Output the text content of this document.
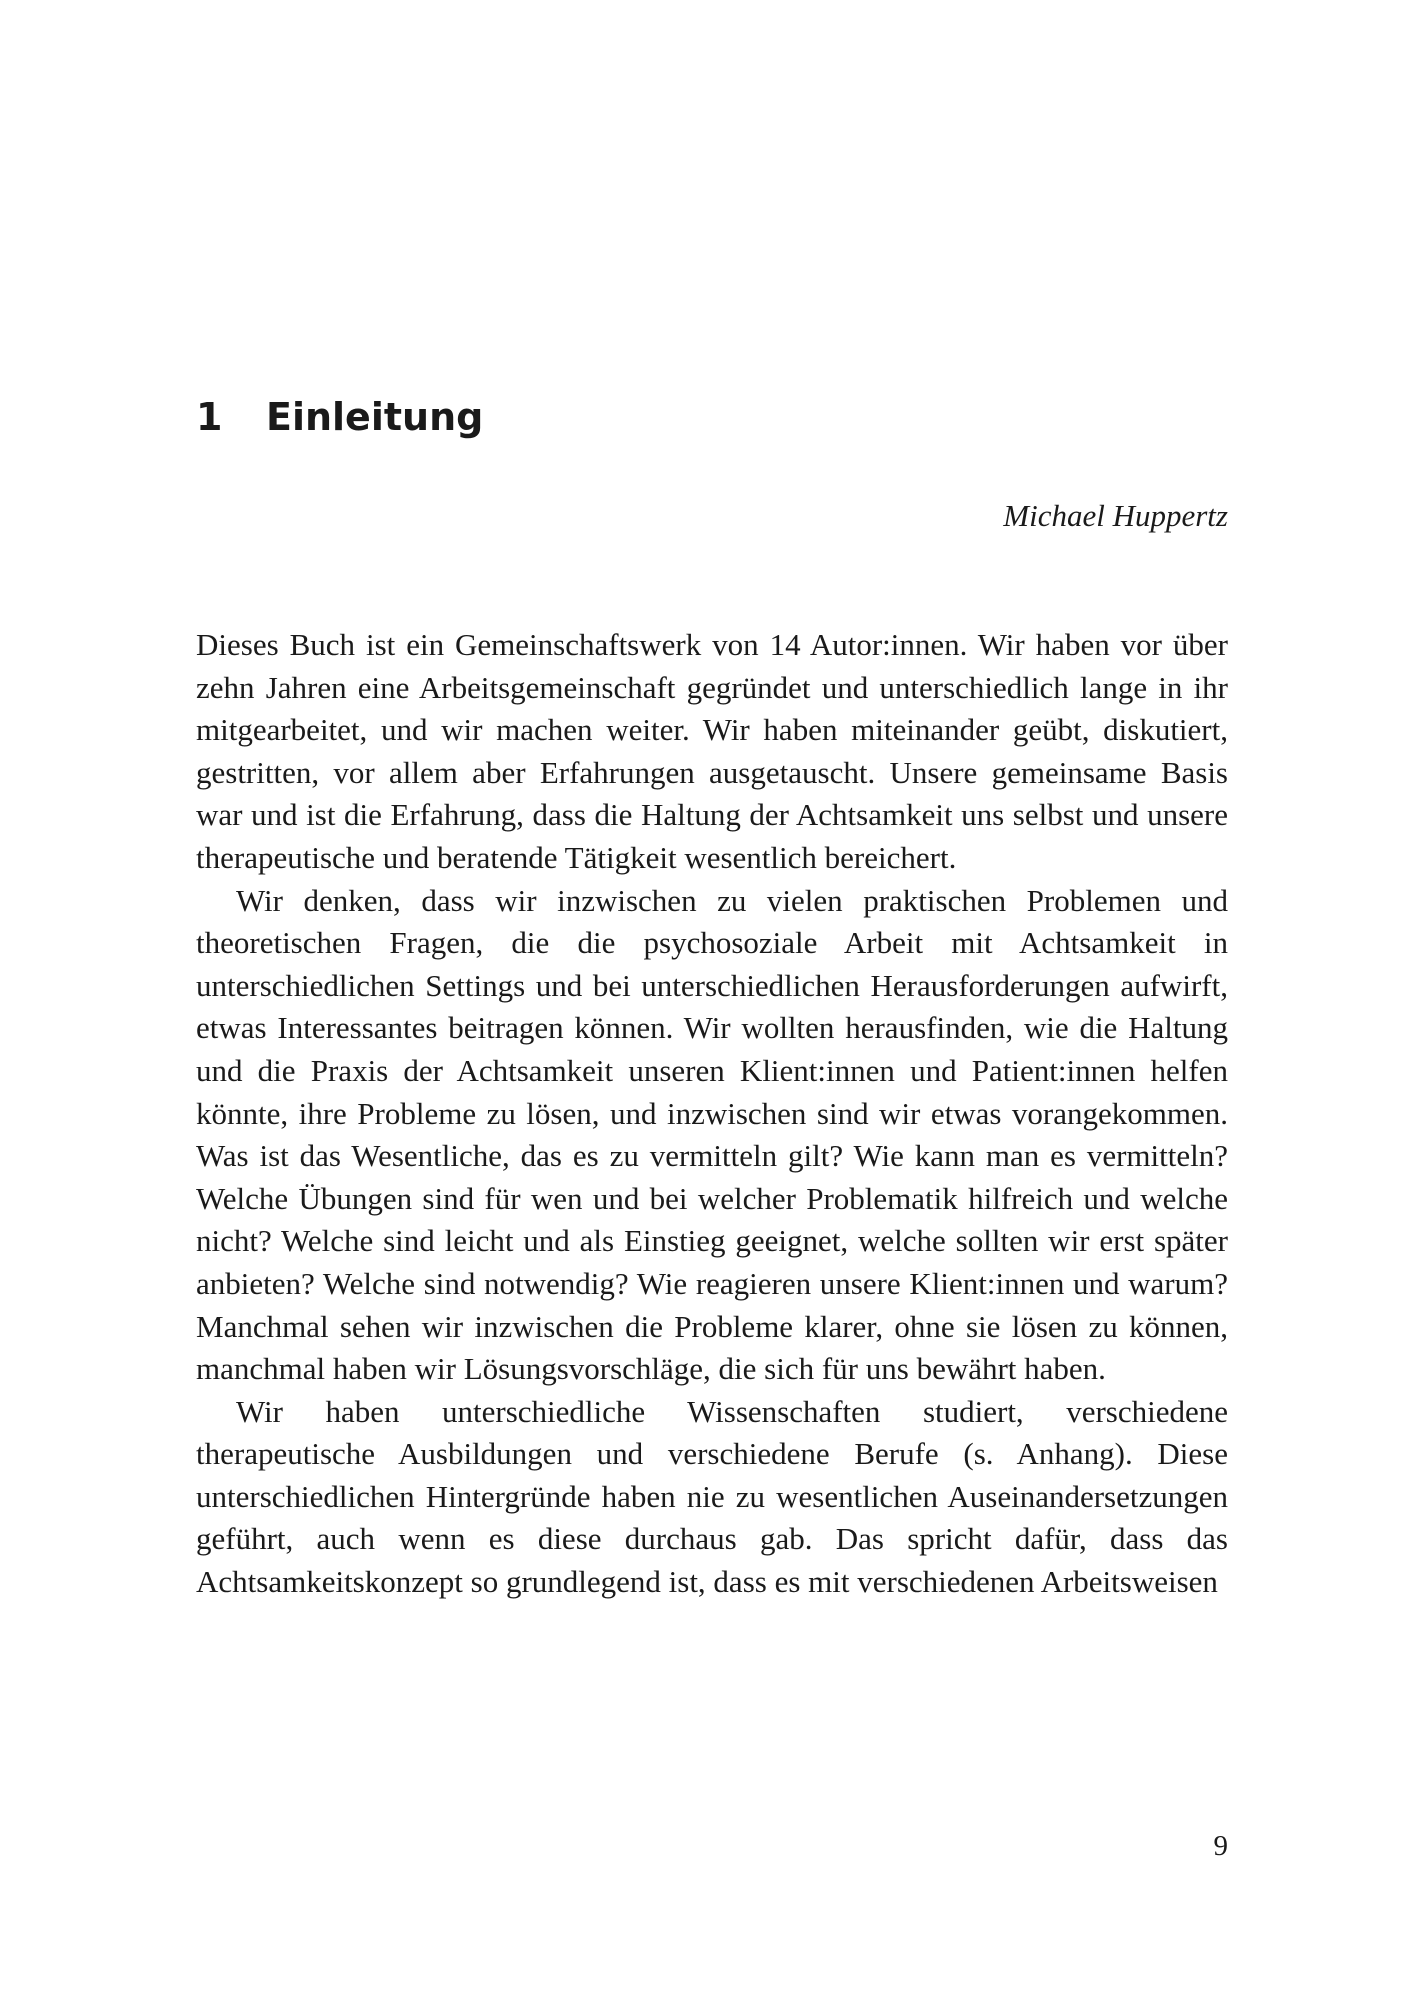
1 Einleitung

Michael Huppertz

Dieses Buch ist ein Gemeinschaftswerk von 14 Autor:innen. Wir haben vor über zehn Jahren eine Arbeitsgemeinschaft gegründet und unterschiedlich lange in ihr mitgearbeitet, und wir machen weiter. Wir haben miteinander geübt, diskutiert, gestritten, vor allem aber Erfahrungen ausgetauscht. Unsere gemeinsame Basis war und ist die Erfahrung, dass die Haltung der Achtsamkeit uns selbst und unsere therapeutische und beratende Tätigkeit wesentlich bereichert.

Wir denken, dass wir inzwischen zu vielen praktischen Problemen und theoretischen Fragen, die die psychosoziale Arbeit mit Achtsamkeit in unterschiedlichen Settings und bei unterschiedlichen Herausforderungen aufwirft, etwas Interessantes beitragen können. Wir wollten herausfinden, wie die Haltung und die Praxis der Achtsamkeit unseren Klient:innen und Patient:innen helfen könnte, ihre Probleme zu lösen, und inzwischen sind wir etwas vorangekommen. Was ist das Wesentliche, das es zu vermitteln gilt? Wie kann man es vermitteln? Welche Übungen sind für wen und bei welcher Problematik hilfreich und welche nicht? Welche sind leicht und als Einstieg geeignet, welche sollten wir erst später anbieten? Welche sind notwendig? Wie reagieren unsere Klient:innen und warum? Manchmal sehen wir inzwischen die Probleme klarer, ohne sie lösen zu können, manchmal haben wir Lösungsvorschläge, die sich für uns bewährt haben.

Wir haben unterschiedliche Wissenschaften studiert, verschiedene therapeutische Ausbildungen und verschiedene Berufe (s. Anhang). Diese unterschiedlichen Hintergründe haben nie zu wesentlichen Auseinandersetzungen geführt, auch wenn es diese durchaus gab. Das spricht dafür, dass das Achtsamkeitskonzept so grundlegend ist, dass es mit verschiedenen Arbeitsweisen

9
